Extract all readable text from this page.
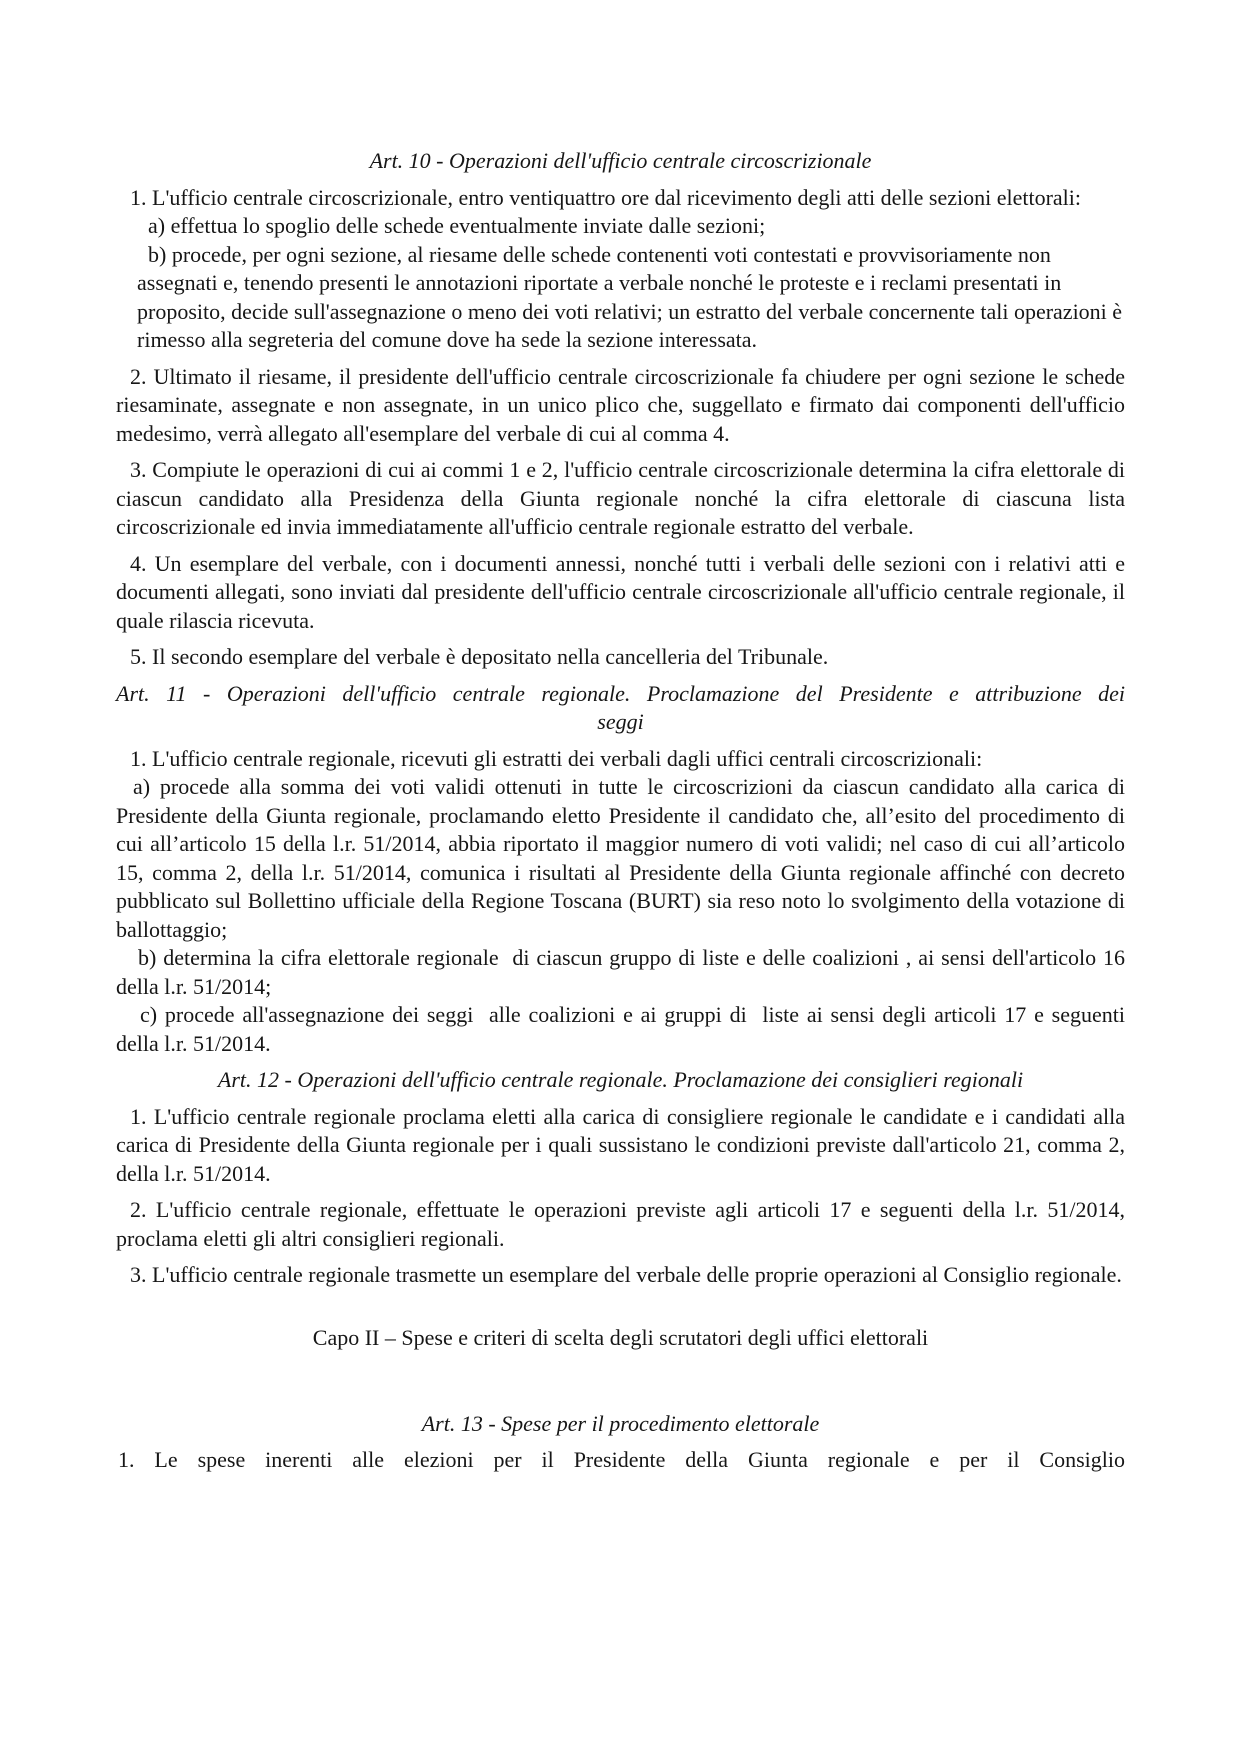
Art. 10 - Operazioni dell'ufficio centrale circoscrizionale

1. L'ufficio centrale circoscrizionale, entro ventiquattro ore dal ricevimento degli atti delle sezioni elettorali:

a) effettua lo spoglio delle schede eventualmente inviate dalle sezioni;

b) procede, per ogni sezione, al riesame delle schede contenenti voti contestati e provvisoriamente non assegnati e, tenendo presenti le annotazioni riportate a verbale nonché le proteste e i reclami presentati in proposito, decide sull'assegnazione o meno dei voti relativi; un estratto del verbale concernente tali operazioni è rimesso alla segreteria del comune dove ha sede la sezione interessata.

2. Ultimato il riesame, il presidente dell'ufficio centrale circoscrizionale fa chiudere per ogni sezione le schede riesaminate, assegnate e non assegnate, in un unico plico che, suggellato e firmato dai componenti dell'ufficio medesimo, verrà allegato all'esemplare del verbale di cui al comma 4.

3. Compiute le operazioni di cui ai commi 1 e 2, l'ufficio centrale circoscrizionale determina la cifra elettorale di ciascun candidato alla Presidenza della Giunta regionale nonché la cifra elettorale di ciascuna lista circoscrizionale ed invia immediatamente all'ufficio centrale regionale estratto del verbale.

4. Un esemplare del verbale, con i documenti annessi, nonché tutti i verbali delle sezioni con i relativi atti e documenti allegati, sono inviati dal presidente dell'ufficio centrale circoscrizionale all'ufficio centrale regionale, il quale rilascia ricevuta.

5. Il secondo esemplare del verbale è depositato nella cancelleria del Tribunale.

Art. 11 - Operazioni dell'ufficio centrale regionale. Proclamazione del Presidente e attribuzione dei
seggi

1. L'ufficio centrale regionale, ricevuti gli estratti dei verbali dagli uffici centrali circoscrizionali:

a) procede alla somma dei voti validi ottenuti in tutte le circoscrizioni da ciascun candidato alla carica di Presidente della Giunta regionale, proclamando eletto Presidente il candidato che, all’esito del procedimento di cui all’articolo 15 della l.r. 51/2014, abbia riportato il maggior numero di voti validi; nel caso di cui all’articolo 15, comma 2, della l.r. 51/2014, comunica i risultati al Presidente della Giunta regionale affinché con decreto pubblicato sul Bollettino ufficiale della Regione Toscana (BURT) sia reso noto lo svolgimento della votazione di ballottaggio;

b) determina la cifra elettorale regionale  di ciascun gruppo di liste e delle coalizioni , ai sensi dell'articolo 16 della l.r. 51/2014;

c) procede all'assegnazione dei seggi  alle coalizioni e ai gruppi di  liste ai sensi degli articoli 17 e seguenti della l.r. 51/2014.

Art. 12 - Operazioni dell'ufficio centrale regionale. Proclamazione dei consiglieri regionali

1. L'ufficio centrale regionale proclama eletti alla carica di consigliere regionale le candidate e i candidati alla carica di Presidente della Giunta regionale per i quali sussistano le condizioni previste dall'articolo 21, comma 2, della l.r. 51/2014.

2. L'ufficio centrale regionale, effettuate le operazioni previste agli articoli 17 e seguenti della l.r. 51/2014, proclama eletti gli altri consiglieri regionali.

3. L'ufficio centrale regionale trasmette un esemplare del verbale delle proprie operazioni al Consiglio regionale.

Capo II – Spese e criteri di scelta degli scrutatori degli uffici elettorali
Art. 13 - Spese per il procedimento elettorale

1. Le spese inerenti alle elezioni per il Presidente della Giunta regionale e per il Consiglio
